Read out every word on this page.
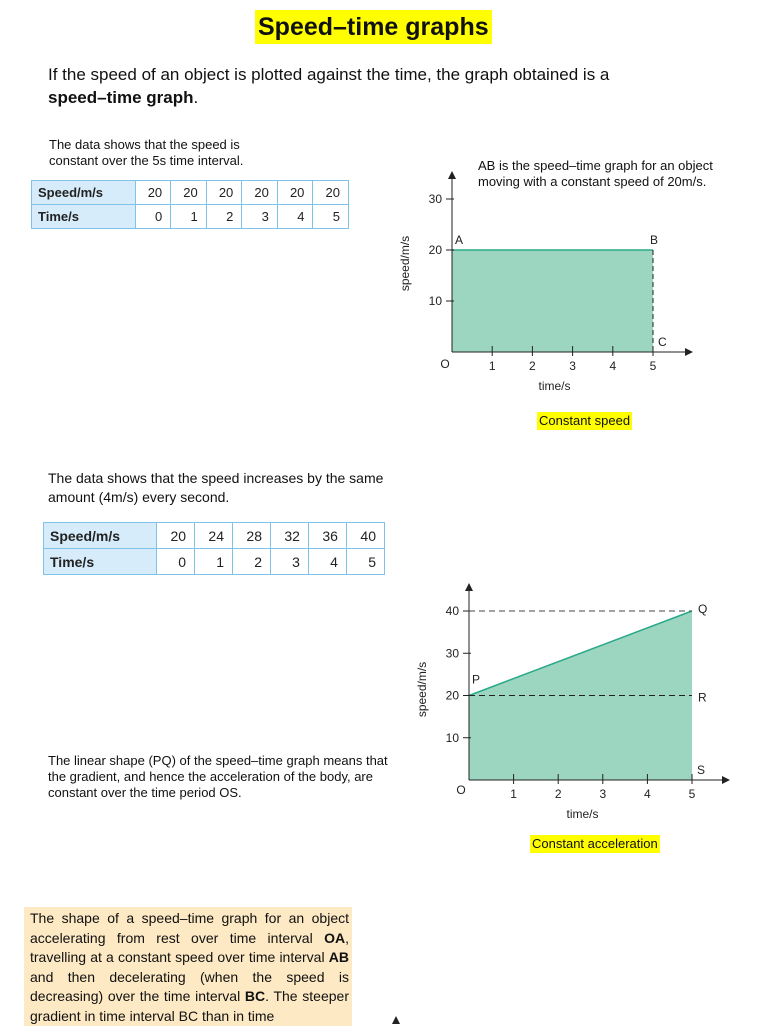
Speed–time graphs
If the speed of an object is plotted against the time, the graph obtained is a speed–time graph.
The data shows that the speed is constant over the 5s time interval.
Speed/m/s	20	20	20	20	20	20
Time/s	0	1	2	3	4	5
AB is the speed–time graph for an object moving with a constant speed of 20m/s.
1	2	3	4	5
10
20
30
time/s
speed/m/s
O
A	B
C
Constant speed
The data shows that the speed increases by the same amount (4m/s) every second.
Speed/m/s	20	24	28	32	36	40
Time/s	0	1	2	3	4	5
1	2	3	4	5
10
20
30
40
time/s
speed/m/s
O
P
Q
R
S
The linear shape (PQ) of the speed–time graph means that the gradient, and hence the acceleration of the body, are constant over the time period OS.
Constant acceleration
The shape of a speed–time graph for an object accelerating from rest over time interval OA, travelling at a constant speed over time interval AB and then decelerating (when the speed is decreasing) over the time interval BC. The steeper gradient in time interval BC than in time
